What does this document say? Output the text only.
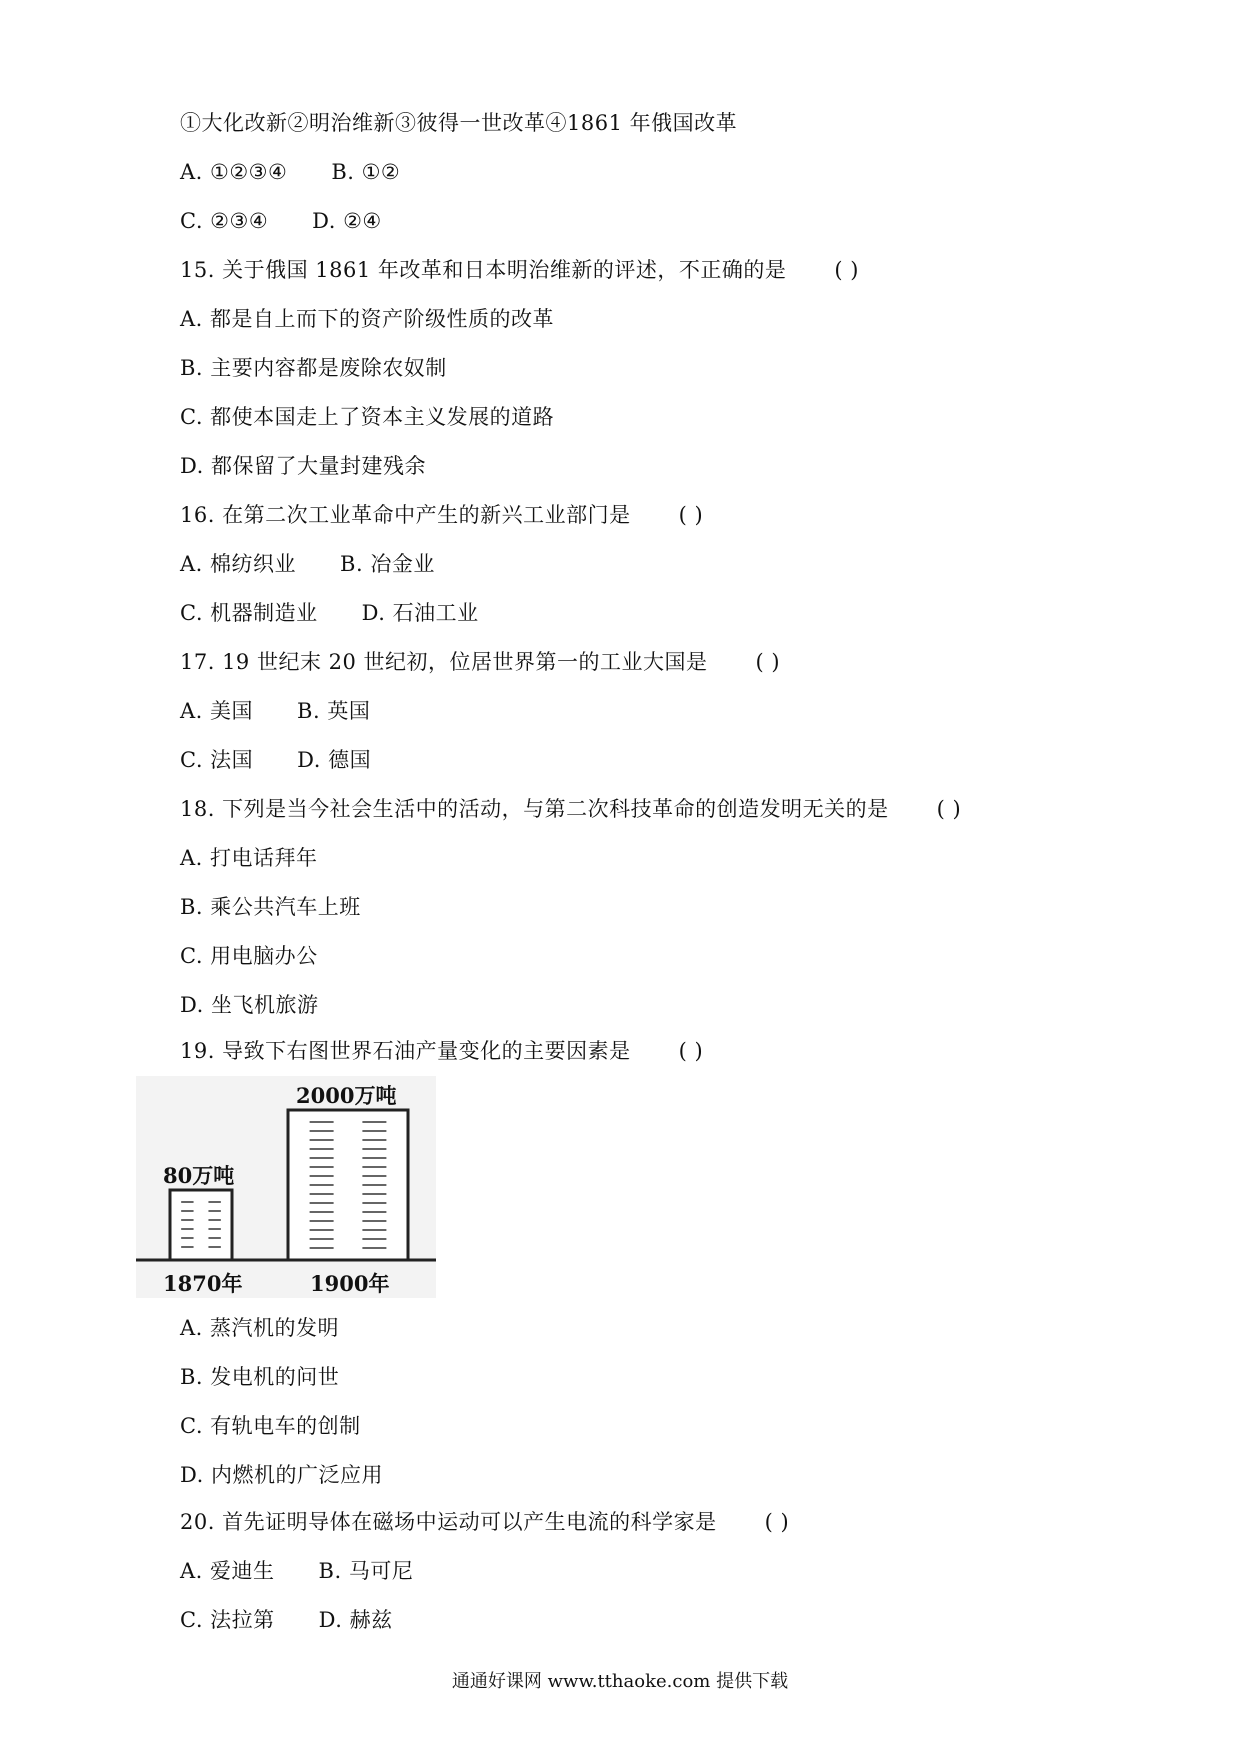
①大化改新②明治维新③彼得一世改革④1861 年俄国改革
A. ①②③④ B. ①②
C. ②③④ D. ②④
15. 关于俄国 1861 年改革和日本明治维新的评述，不正确的是 ( )
A. 都是自上而下的资产阶级性质的改革
B. 主要内容都是废除农奴制
C. 都使本国走上了资本主义发展的道路
D. 都保留了大量封建残余
16. 在第二次工业革命中产生的新兴工业部门是 ( )
A. 棉纺织业 B. 冶金业
C. 机器制造业 D. 石油工业
17. 19 世纪末 20 世纪初，位居世界第一的工业大国是 ( )
A. 美国 B. 英国
C. 法国 D. 德国
18. 下列是当今社会生活中的活动，与第二次科技革命的创造发明无关的是 ( )
A. 打电话拜年
B. 乘公共汽车上班
C. 用电脑办公
D. 坐飞机旅游
19. 导致下右图世界石油产量变化的主要因素是 ( )
80万吨
2000万吨
1870年	1900年
A. 蒸汽机的发明
B. 发电机的问世
C. 有轨电车的创制
D. 内燃机的广泛应用
20. 首先证明导体在磁场中运动可以产生电流的科学家是 ( )
A. 爱迪生 B. 马可尼
C. 法拉第 D. 赫兹
通通好课网 www.tthaoke.com 提供下载
